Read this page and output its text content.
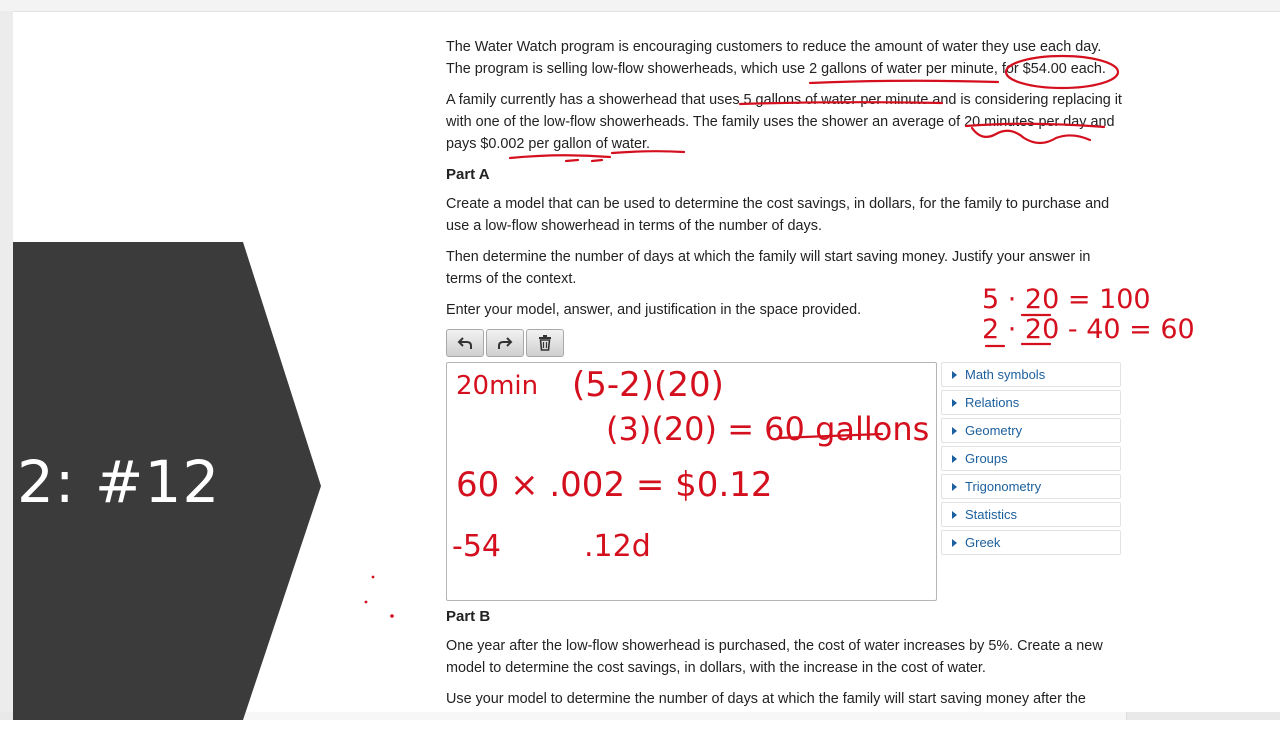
2: #12

The Water Watch program is encouraging customers to reduce the amount of water they use each day. The program is selling low-flow showerheads, which use 2 gallons of water per minute, for $54.00 each.

A family currently has a showerhead that uses 5 gallons of water per minute and is considering replacing it with one of the low-flow showerheads. The family uses the shower an average of 20 minutes per day and pays $0.002 per gallon of water.

Part A

Create a model that can be used to determine the cost savings, in dollars, for the family to purchase and use a low-flow showerhead in terms of the number of days.

Then determine the number of days at which the family will start saving money. Justify your answer in terms of the context.

Enter your model, answer, and justification in the space provided.

Math symbols
Relations
Geometry
Groups
Trigonometry
Statistics
Greek
Part B

One year after the low-flow showerhead is purchased, the cost of water increases by 5%. Create a new model to determine the cost savings, in dollars, with the increase in the cost of water.

Use your model to determine the number of days at which the family will start saving money after the

5 · 20 = 100
2 · 20 - 40 = 60
20min (5-2)(20)
(3)(20) = 60 gallons
60 × .002 = $0.12
-54	.12d
